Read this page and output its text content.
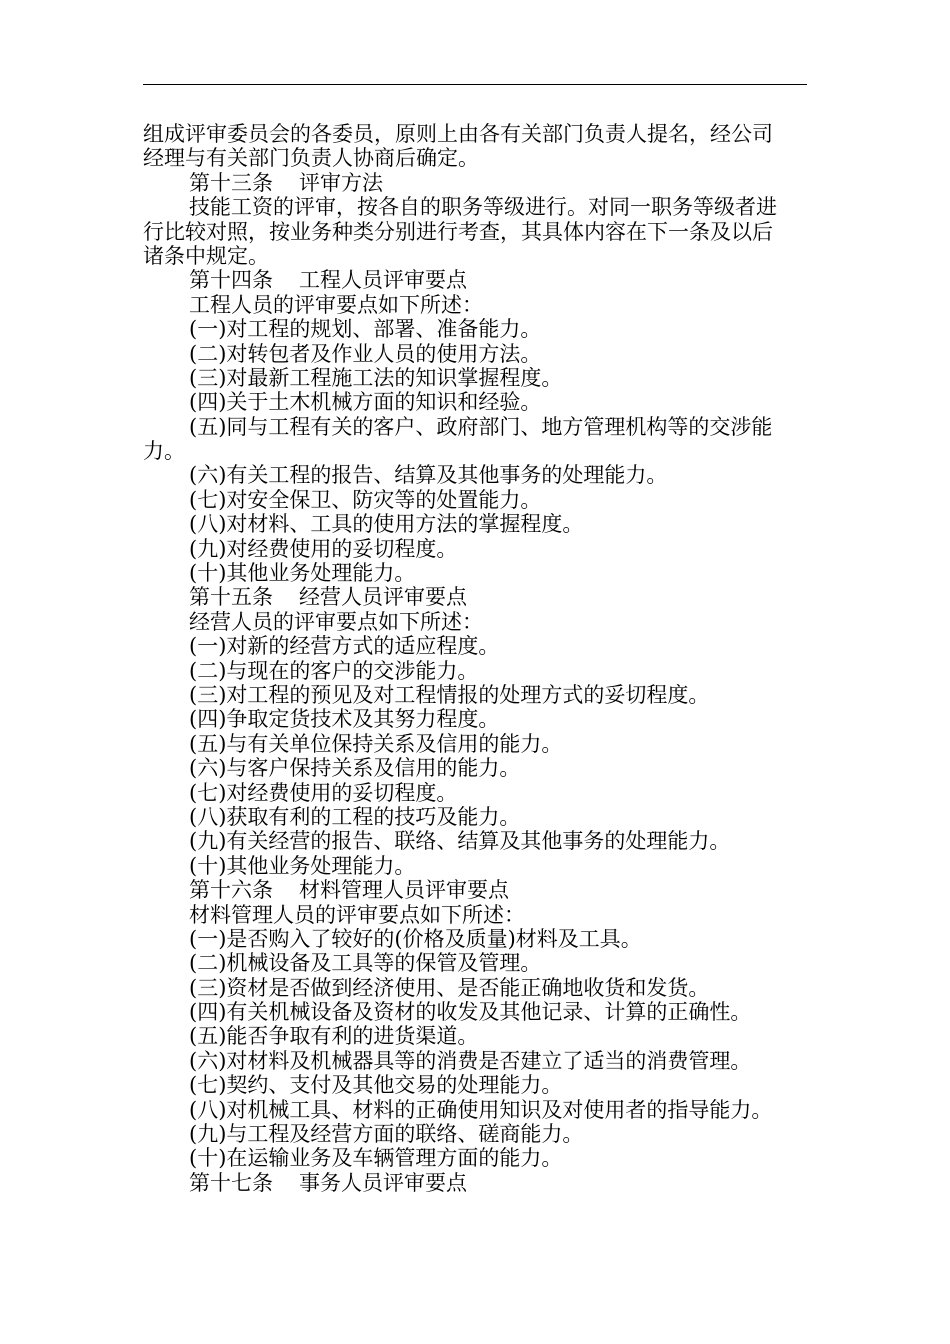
组成评审委员会的各委员，原则上由各有关部门负责人提名，经公司
经理与有关部门负责人协商后确定。
第十三条 评审方法
技能工资的评审，按各自的职务等级进行。对同一职务等级者进
行比较对照，按业务种类分别进行考查，其具体内容在下一条及以后
诸条中规定。
第十四条 工程人员评审要点
工程人员的评审要点如下所述：
(一)对工程的规划、部署、准备能力。
(二)对转包者及作业人员的使用方法。
(三)对最新工程施工法的知识掌握程度。
(四)关于土木机械方面的知识和经验。
(五)同与工程有关的客户、政府部门、地方管理机构等的交涉能
力。
(六)有关工程的报告、结算及其他事务的处理能力。
(七)对安全保卫、防灾等的处置能力。
(八)对材料、工具的使用方法的掌握程度。
(九)对经费使用的妥切程度。
(十)其他业务处理能力。
第十五条 经营人员评审要点
经营人员的评审要点如下所述：
(一)对新的经营方式的适应程度。
(二)与现在的客户的交涉能力。
(三)对工程的预见及对工程情报的处理方式的妥切程度。
(四)争取定货技术及其努力程度。
(五)与有关单位保持关系及信用的能力。
(六)与客户保持关系及信用的能力。
(七)对经费使用的妥切程度。
(八)获取有利的工程的技巧及能力。
(九)有关经营的报告、联络、结算及其他事务的处理能力。
(十)其他业务处理能力。
第十六条 材料管理人员评审要点
材料管理人员的评审要点如下所述：
(一)是否购入了较好的(价格及质量)材料及工具。
(二)机械设备及工具等的保管及管理。
(三)资材是否做到经济使用、是否能正确地收货和发货。
(四)有关机械设备及资材的收发及其他记录、计算的正确性。
(五)能否争取有利的进货渠道。
(六)对材料及机械器具等的消费是否建立了适当的消费管理。
(七)契约、支付及其他交易的处理能力。
(八)对机械工具、材料的正确使用知识及对使用者的指导能力。
(九)与工程及经营方面的联络、磋商能力。
(十)在运输业务及车辆管理方面的能力。
第十七条 事务人员评审要点
